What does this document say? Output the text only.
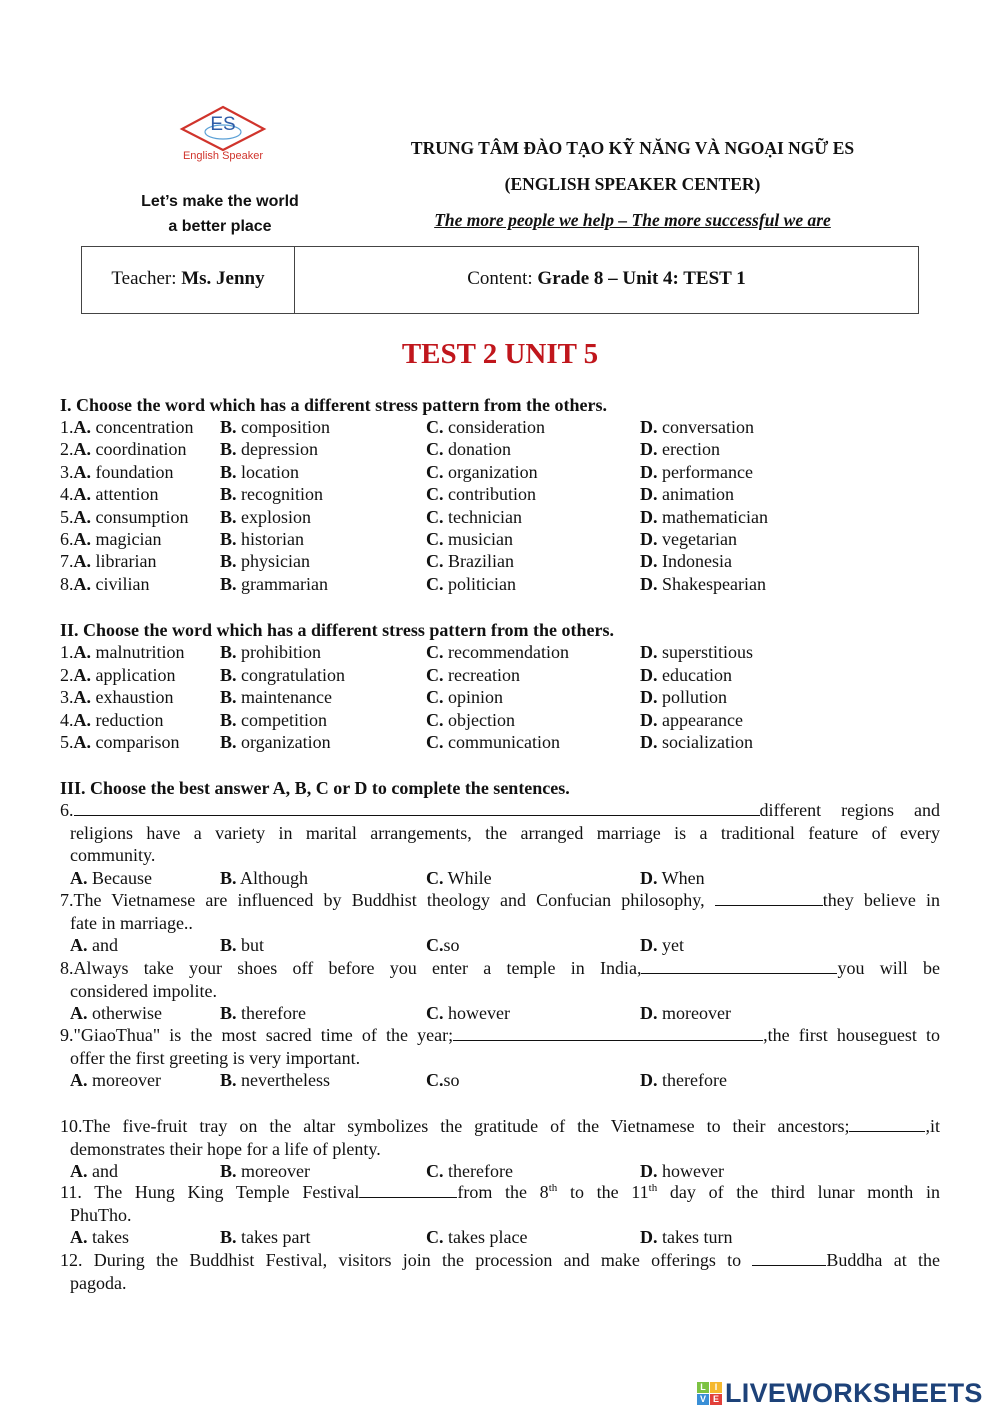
ES
English Speaker
Let’s make the world
a better place
TRUNG TÂM ĐÀO TẠO KỸ NĂNG VÀ NGOẠI NGỮ ES
(ENGLISH SPEAKER CENTER)
The more people we help – The more successful we are
Teacher: Ms. Jenny	Content: Grade 8 – Unit 4: TEST 1
TEST 2 UNIT 5
I. Choose the word which has a different stress pattern from the others.
1.A. concentration B. composition	C. consideration	D. conversation
2.A. coordination B. depression	C. donation	D. erection
3.A. foundation	B. location	C. organization	D. performance
4.A. attention	B. recognition	C. contribution	D. animation
5.A. consumption B. explosion	C. technician	D. mathematician
6.A. magician	B. historian	C. musician	D. vegetarian
7.A. librarian	B. physician	C. Brazilian	D. Indonesia
8.A. civilian	B. grammarian	C. politician	D. Shakespearian
II. Choose the word which has a different stress pattern from the others.
1.A. malnutrition B. prohibition	C. recommendation	D. superstitious
2.A. application B. congratulation	C. recreation	D. education
3.A. exhaustion	B. maintenance	C. opinion	D. pollution
4.A. reduction	B. competition	C. objection	D. appearance
5.A. comparison B. organization	C. communication	D. socialization
III. Choose the best answer A, B, C or D to complete the sentences.
6.	different regions and
religions have a variety in marital arrangements, the arranged marriage is a traditional feature of every
community.
A. Because	B. Although	C. While	D. When
7.The Vietnamese are influenced by Buddhist theology and Confucian philosophy,	they believe in
fate in marriage..
A. and	B. but	C.so	D. yet
8.Always take your shoes off before you enter a temple in India,	you will be
considered impolite.
A. otherwise	B. therefore	C. however	D. moreover
9."GiaoThua" is the most sacred time of the year;	,the first houseguest to
offer the first greeting is very important.
A. moreover	B. nevertheless	C.so	D. therefore
10.The five-fruit tray on the altar symbolizes the gratitude of the Vietnamese to their ancestors;	,it
demonstrates their hope for a life of plenty.
A. and	B. moreover	C. therefore	D. however
11. The Hung King Temple Festival	from the 8th to the 11th day of the third lunar month in
PhuTho.
A. takes	B. takes part	C. takes place	D. takes turn
12. During the Buddhist Festival, visitors join the procession and make offerings to	Buddha at the
pagoda.
L I
V E LIVEWORKSHEETS
